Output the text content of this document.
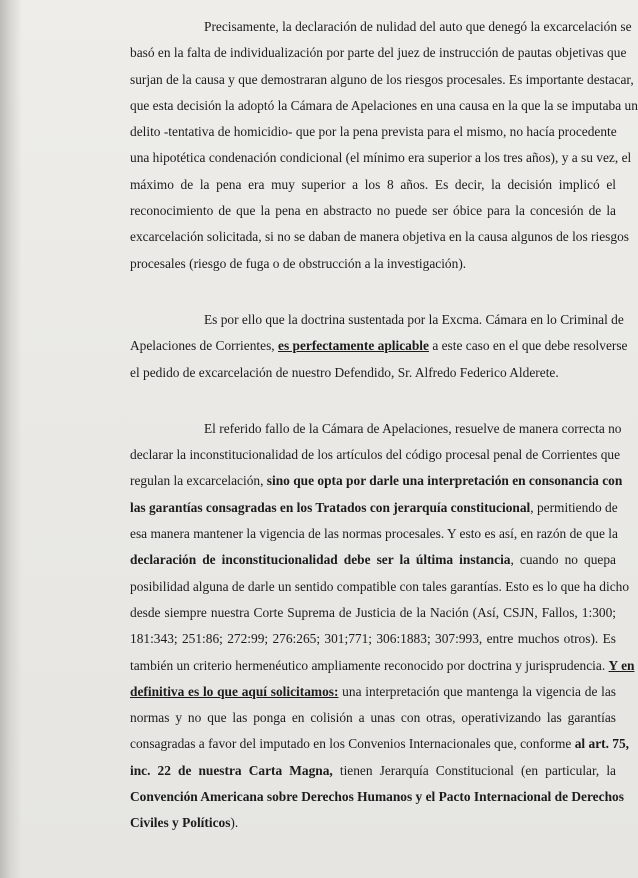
Precisamente, la declaración de nulidad del auto que denegó la excarcelación se
basó en la falta de individualización por parte del juez de instrucción de pautas objetivas que
surjan de la causa y que demostraran alguno de los riesgos procesales. Es importante destacar,
que esta decisión la adoptó la Cámara de Apelaciones en una causa en la que la se imputaba un
delito -tentativa de homicidio- que por la pena prevista para el mismo, no hacía procedente
una hipotética condenación condicional (el mínimo era superior a los tres años), y a su vez, el
máximo de la pena era muy superior a los 8 años. Es decir, la decisión implicó el
reconocimiento de que la pena en abstracto no puede ser óbice para la concesión de la
excarcelación solicitada, si no se daban de manera objetiva en la causa algunos de los riesgos
procesales (riesgo de fuga o de obstrucción a la investigación).
Es por ello que la doctrina sustentada por la Excma. Cámara en lo Criminal de
Apelaciones de Corrientes, es perfectamente aplicable a este caso en el que debe resolverse
el pedido de excarcelación de nuestro Defendido, Sr. Alfredo Federico Alderete.
El referido fallo de la Cámara de Apelaciones, resuelve de manera correcta no
declarar la inconstitucionalidad de los artículos del código procesal penal de Corrientes que
regulan la excarcelación, sino que opta por darle una interpretación en consonancia con
las garantías consagradas en los Tratados con jerarquía constitucional, permitiendo de
esa manera mantener la vigencia de las normas procesales. Y esto es así, en razón de que la
declaración de inconstitucionalidad debe ser la última instancia, cuando no quepa
posibilidad alguna de darle un sentido compatible con tales garantías. Esto es lo que ha dicho
desde siempre nuestra Corte Suprema de Justicia de la Nación (Así, CSJN, Fallos, 1:300;
181:343; 251:86; 272:99; 276:265; 301;771; 306:1883; 307:993, entre muchos otros). Es
también un criterio hermenéutico ampliamente reconocido por doctrina y jurisprudencia. Y en
definitiva es lo que aquí solicitamos: una interpretación que mantenga la vigencia de las
normas y no que las ponga en colisión a unas con otras, operativizando las garantías
consagradas a favor del imputado en los Convenios Internacionales que, conforme al art. 75,
inc. 22 de nuestra Carta Magna, tienen Jerarquía Constitucional (en particular, la
Convención Americana sobre Derechos Humanos y el Pacto Internacional de Derechos
Civiles y Políticos).
